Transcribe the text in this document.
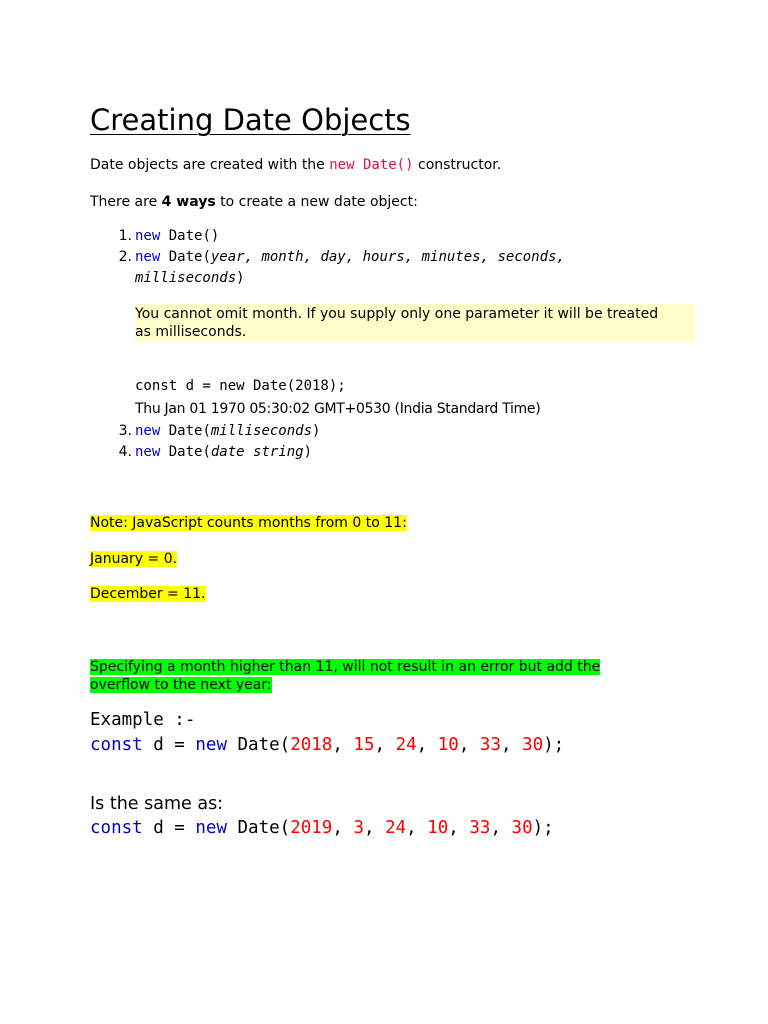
Creating Date Objects

Date objects are created with the new Date() constructor.

There are 4 ways to create a new date object:

1. new Date()
2. new Date(year, month, day, hours, minutes, seconds,
milliseconds)
You cannot omit month. If you supply only one parameter it will be treated
as milliseconds.
const d = new Date(2018);
Thu Jan 01 1970 05:30:02 GMT+0530 (India Standard Time)
3. new Date(milliseconds)
4. new Date(date string)

Note: JavaScript counts months from 0 to 11:

January = 0.

December = 11.

Specifying a month higher than 11, will not result in an error but add the
overflow to the next year:

Example :-
const d = new Date(2018, 15, 24, 10, 33, 30);
Is the same as:
const d = new Date(2019, 3, 24, 10, 33, 30);
